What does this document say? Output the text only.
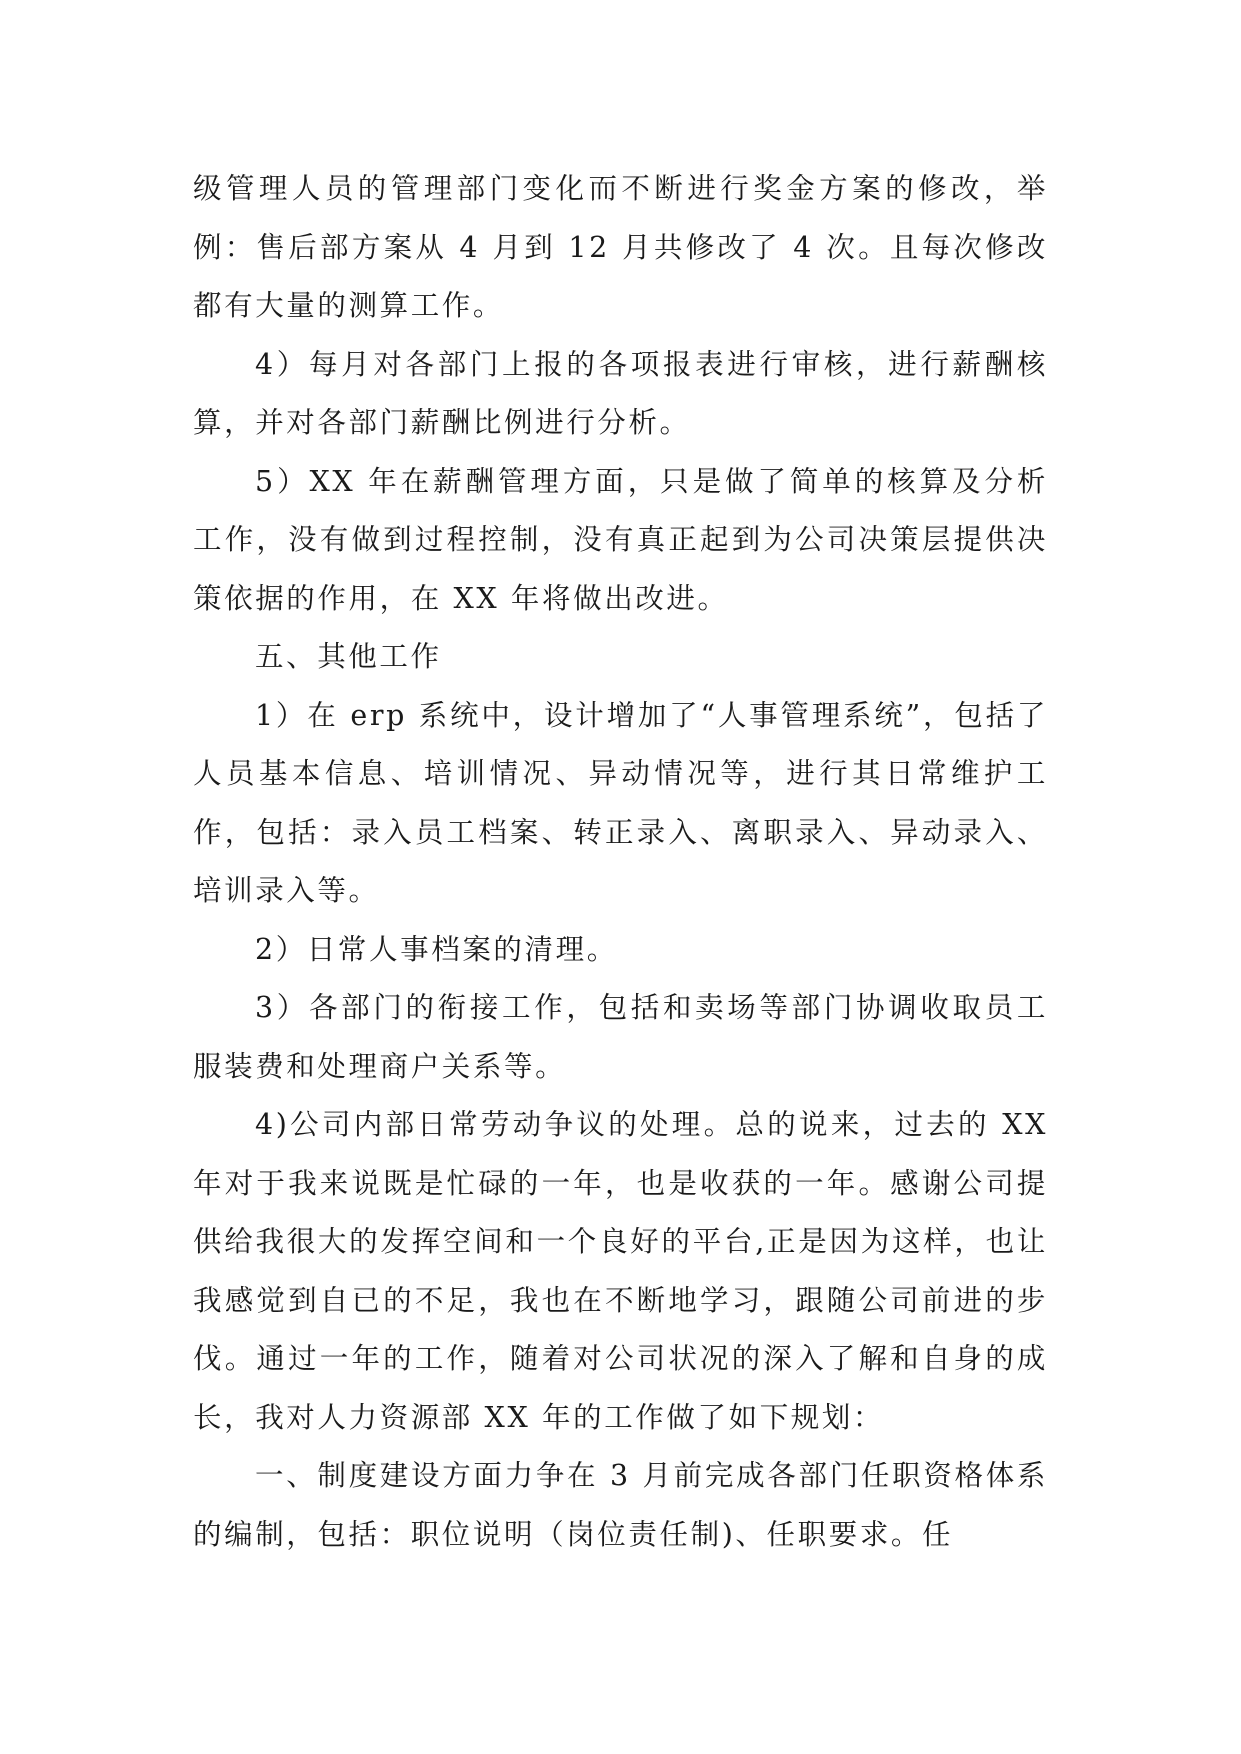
级管理人员的管理部门变化而不断进行奖金方案的修改，举例：售后部方案从 4 月到 12 月共修改了 4 次。且每次修改都有大量的测算工作。

4）每月对各部门上报的各项报表进行审核，进行薪酬核算，并对各部门薪酬比例进行分析。

5）XX 年在薪酬管理方面，只是做了简单的核算及分析工作，没有做到过程控制，没有真正起到为公司决策层提供决策依据的作用，在 XX 年将做出改进。

五、其他工作

1）在 erp 系统中，设计增加了“人事管理系统”，包括了人员基本信息、培训情况、异动情况等，进行其日常维护工作，包括：录入员工档案、转正录入、离职录入、异动录入、培训录入等。

2）日常人事档案的清理。

3）各部门的衔接工作，包括和卖场等部门协调收取员工服装费和处理商户关系等。

4)公司内部日常劳动争议的处理。总的说来，过去的 XX 年对于我来说既是忙碌的一年，也是收获的一年。感谢公司提供给我很大的发挥空间和一个良好的平台,正是因为这样，也让我感觉到自已的不足，我也在不断地学习，跟随公司前进的步伐。通过一年的工作，随着对公司状况的深入了解和自身的成长，我对人力资源部 XX 年的工作做了如下规划：

一、制度建设方面力争在 3 月前完成各部门任职资格体系的编制，包括：职位说明（岗位责任制)、任职要求。任
